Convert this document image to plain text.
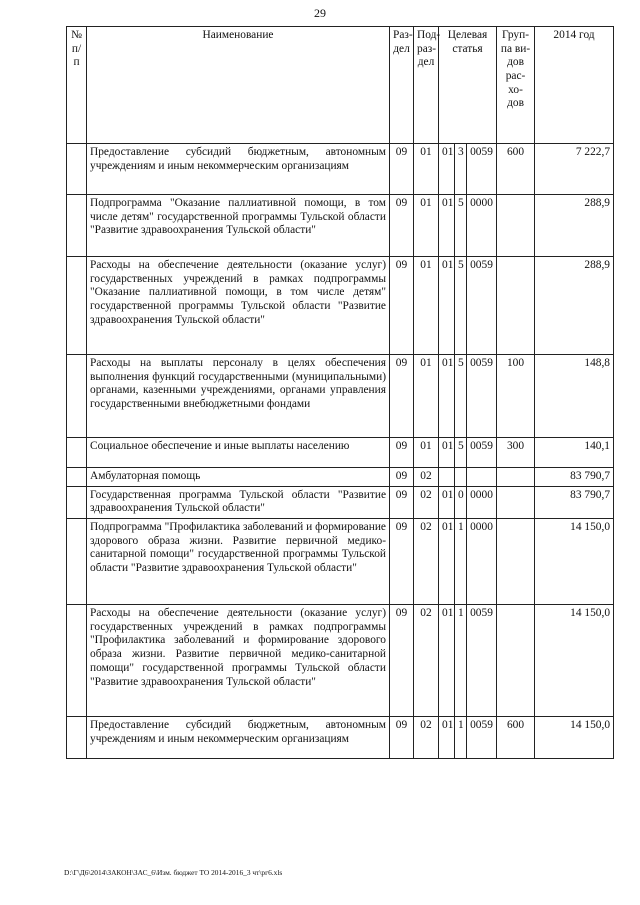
29
№ п/п	Наименование	Раз-дел	Под-раз-дел	Целевая статья			Груп-па ви-дов рас-хо-дов	2014 год
	Предоставление субсидий бюджетным, автономным учреждениям и иным некоммерческим организациям	09	01	01	3	0059	600	7 222,7
	Подпрограмма "Оказание паллиативной помощи, в том числе детям" государственной программы Тульской области "Развитие здравоохранения Тульской области"	09	01	01	5	0000		288,9
	Расходы на обеспечение деятельности (оказание услуг) государственных учреждений в рамках подпрограммы "Оказание паллиативной помощи, в том числе детям" государственной программы Тульской области "Развитие здравоохранения Тульской области"	09	01	01	5	0059		288,9
	Расходы на выплаты персоналу в целях обеспечения выполнения функций государственными (муниципальными) органами, казенными учреждениями, органами управления государственными внебюджетными фондами	09	01	01	5	0059	100	148,8
	Социальное обеспечение и иные выплаты населению	09	01	01	5	0059	300	140,1
	Амбулаторная помощь	09	02					83 790,7
	Государственная программа Тульской области "Развитие здравоохранения Тульской области"	09	02	01	0	0000		83 790,7
	Подпрограмма "Профилактика заболеваний и формирование здорового образа жизни. Развитие первичной медико-санитарной помощи" государственной программы Тульской области "Развитие здравоохранения Тульской области"	09	02	01	1	0000		14 150,0
	Расходы на обеспечение деятельности (оказание услуг) государственных учреждений в рамках подпрограммы "Профилактика заболеваний и формирование здорового образа жизни. Развитие первичной медико-санитарной помощи" государственной программы Тульской области "Развитие здравоохранения Тульской области"	09	02	01	1	0059		14 150,0
	Предоставление субсидий бюджетным, автономным учреждениям и иным некоммерческим организациям	09	02	01	1	0059	600	14 150,0
D:\Г\Д6\2014\ЗАКОН\ЗАС_6\Изм. бюджет ТО 2014-2016_3 чт\рг6.xls
